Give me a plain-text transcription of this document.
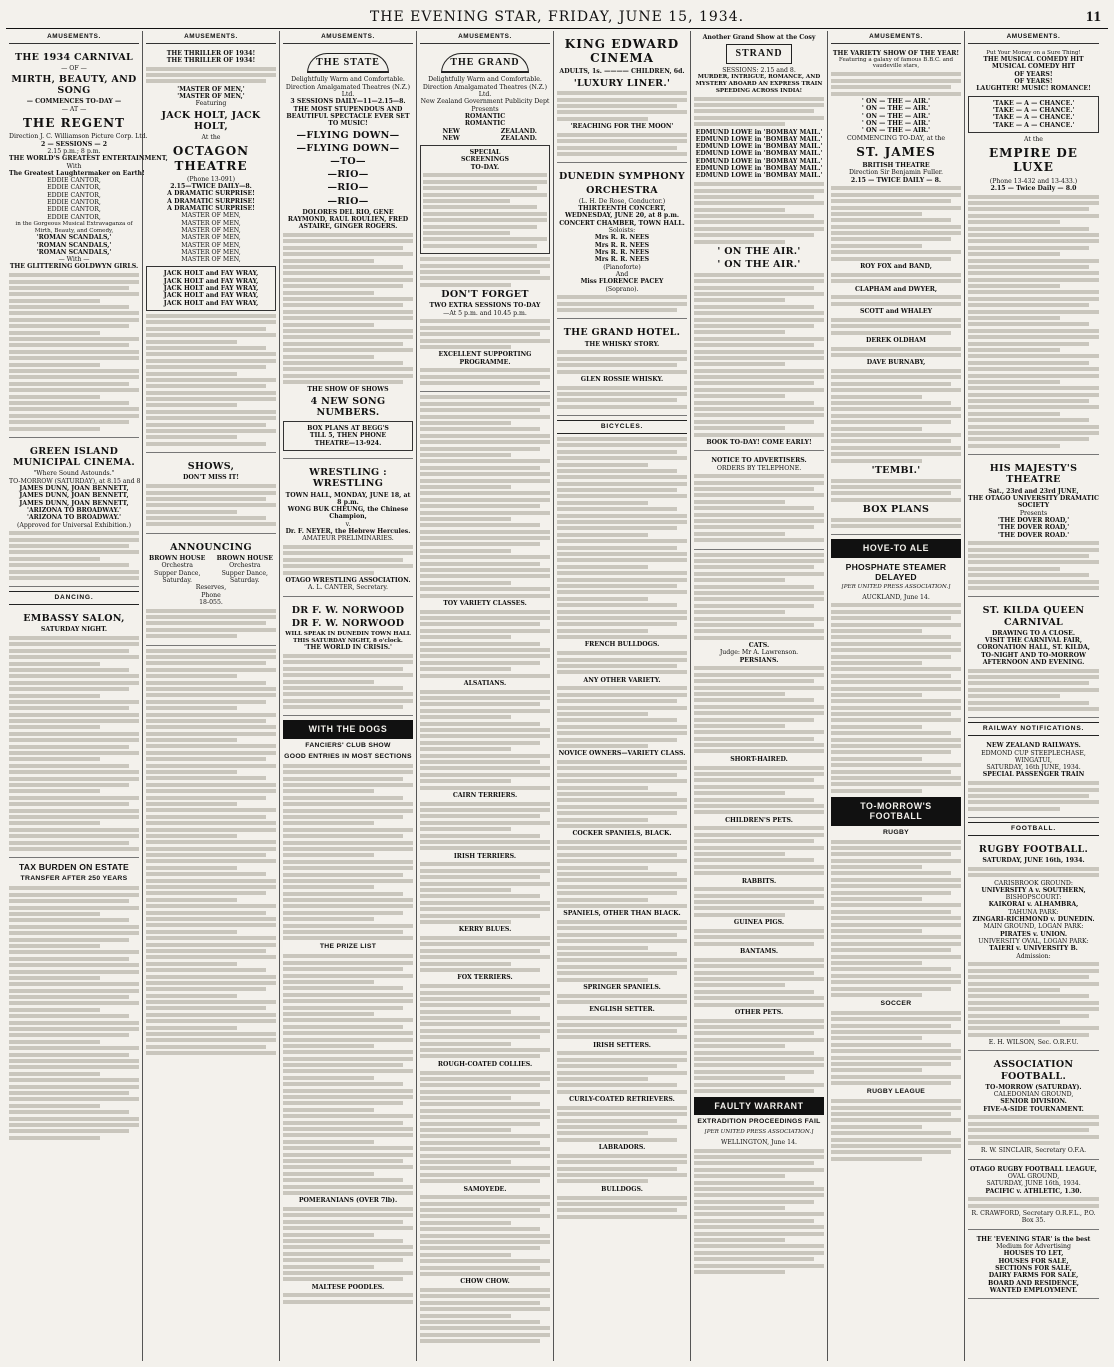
THE EVENING STAR, FRIDAY, JUNE 15, 1934.	11
AMUSEMENTS.
THE 1934 CARNIVAL
— OF —
MIRTH, BEAUTY, AND SONG
— COMMENCES TO-DAY —
— AT —
THE REGENT
Direction J. C. Williamson Picture Corp. Ltd.
2 — SESSIONS — 2
2.15 p.m.; 8 p.m.
THE WORLD'S GREATEST ENTERTAINMENT,
With
The Greatest Laughtermaker on Earth!
EDDIE CANTOR,
EDDIE CANTOR,
EDDIE CANTOR,
EDDIE CANTOR,
EDDIE CANTOR,
EDDIE CANTOR,
in the Gorgeous Musical Extravaganza of Mirth, Beauty, and Comedy,
'ROMAN SCANDALS,'
'ROMAN SCANDALS,'
'ROMAN SCANDALS,'
— With —
THE GLITTERING GOLDWYN GIRLS.
GREEN ISLAND MUNICIPAL CINEMA.
"Where Sound Astounds."
TO-MORROW (SATURDAY), at 8.15 and 8
JAMES DUNN, JOAN BENNETT,
JAMES DUNN, JOAN BENNETT,
JAMES DUNN, JOAN BENNETT,
'ARIZONA TO BROADWAY.'
'ARIZONA TO BROADWAY.'
(Approved for Universal Exhibition.)
DANCING.
EMBASSY SALON,
SATURDAY NIGHT.
TAX BURDEN ON ESTATE
TRANSFER AFTER 250 YEARS
AMUSEMENTS.
THE THRILLER OF 1934!
THE THRILLER OF 1934!
'MASTER OF MEN,'
'MASTER OF MEN,'
Featuring
JACK HOLT, JACK HOLT,
At the
OCTAGON THEATRE
(Phone 13-091)
2.15—TWICE DAILY—8.
A DRAMATIC SURPRISE!
A DRAMATIC SURPRISE!
A DRAMATIC SURPRISE!
MASTER OF MEN,
MASTER OF MEN,
MASTER OF MEN,
MASTER OF MEN,
MASTER OF MEN,
MASTER OF MEN,
MASTER OF MEN,
JACK HOLT and FAY WRAY,
JACK HOLT and FAY WRAY,
JACK HOLT and FAY WRAY,
JACK HOLT and FAY WRAY,
JACK HOLT and FAY WRAY,
SHOWS,
DON'T MISS IT!
ANNOUNCING
BROWN HOUSE
Orchestra
Supper Dance,
Saturday.
BROWN HOUSE
Orchestra
Supper Dance,
Saturday.
Reserves,
Phone
18-055.
AMUSEMENTS.
THE STATE
Delightfully Warm and Comfortable.
Direction Amalgamated Theatres (N.Z.) Ltd.
3 SESSIONS DAILY—11—2.15—8.
THE MOST STUPENDOUS AND BEAUTIFUL SPECTACLE EVER SET TO MUSIC!
—FLYING DOWN—
—FLYING DOWN—
—TO—
—RIO—
—RIO—
—RIO—
DOLORES DEL RIO, GENE RAYMOND, RAUL ROULIEN, FRED ASTAIRE, GINGER ROGERS.
THE SHOW OF SHOWS
4 NEW SONG NUMBERS.
BOX PLANS AT BEGG'S
TILL 5, THEN PHONE
THEATRE—13-924.
WRESTLING : WRESTLING
TOWN HALL, MONDAY, JUNE 18, at 8 p.m.
WONG BUK CHEUNG, the Chinese Champion,
v.
Dr. F. NEYER, the Hebrew Hercules.
AMATEUR PRELIMINARIES.
OTAGO WRESTLING ASSOCIATION.
A. L. CANTER, Secretary.
DR F. W. NORWOOD
DR F. W. NORWOOD
WILL SPEAK IN DUNEDIN TOWN HALL THIS SATURDAY NIGHT, 8 o'clock.
'THE WORLD IN CRISIS.'
WITH THE DOGS
FANCIERS' CLUB SHOW
GOOD ENTRIES IN MOST SECTIONS
THE PRIZE LIST
POMERANIANS (OVER 7lb).
MALTESE POODLES.
AMUSEMENTS.
THE GRAND
Delightfully Warm and Comfortable.
Direction Amalgamated Theatres (N.Z.) Ltd.
New Zealand Government Publicity Dept Presents
ROMANTIC
ROMANTIC
NEW	ZEALAND.
NEW	ZEALAND.
SPECIAL
SCREENINGS
TO-DAY.
DON'T FORGET
TWO EXTRA SESSIONS TO-DAY
—At 5 p.m. and 10.45 p.m.
EXCELLENT SUPPORTING PROGRAMME.
TOY VARIETY CLASSES.
ALSATIANS.
CAIRN TERRIERS.
IRISH TERRIERS.
KERRY BLUES.
FOX TERRIERS.
ROUGH-COATED COLLIES.
SAMOYEDE.
CHOW CHOW.
KING EDWARD CINEMA
ADULTS, 1s. ———— CHILDREN, 6d.
'LUXURY LINER.'
'REACHING FOR THE MOON'
DUNEDIN SYMPHONY
ORCHESTRA
(L. H. De Rose, Conductor.)
THIRTEENTH CONCERT,
WEDNESDAY, JUNE 20, at 8 p.m.
CONCERT CHAMBER, TOWN HALL.
Soloists:
Mrs R. R. NEES
Mrs R. R. NEES
Mrs R. R. NEES
Mrs R. R. NEES
(Pianoforte)
And
Miss FLORENCE PACEY
(Soprano).
THE GRAND HOTEL.
THE WHISKY STORY.
GLEN ROSSIE WHISKY.
BICYCLES.
FRENCH BULLDOGS.
ANY OTHER VARIETY.
NOVICE OWNERS—VARIETY CLASS.
COCKER SPANIELS, BLACK.
SPANIELS, OTHER THAN BLACK.
SPRINGER SPANIELS.
ENGLISH SETTER.
IRISH SETTERS.
CURLY-COATED RETRIEVERS.
LABRADORS.
BULLDOGS.
Another Grand Show at the Cosy
STRAND
SESSIONS: 2.15 and 8.
MURDER, INTRIGUE, ROMANCE, AND MYSTERY ABOARD AN EXPRESS TRAIN SPEEDING ACROSS INDIA!
EDMUND LOWE in 'BOMBAY MAIL.'
EDMUND LOWE in 'BOMBAY MAIL.'
EDMUND LOWE in 'BOMBAY MAIL.'
EDMUND LOWE in 'BOMBAY MAIL.'
EDMUND LOWE in 'BOMBAY MAIL.'
EDMUND LOWE in 'BOMBAY MAIL.'
EDMUND LOWE in 'BOMBAY MAIL.'
' ON THE AIR.'
' ON THE AIR.'
BOOK TO-DAY! COME EARLY!
NOTICE TO ADVERTISERS.
ORDERS BY TELEPHONE.
CATS.
Judge: Mr A. Lawrenson.
PERSIANS.
SHORT-HAIRED.
CHILDREN'S PETS.
RABBITS.
GUINEA PIGS.
BANTAMS.
OTHER PETS.
FAULTY WARRANT
EXTRADITION PROCEEDINGS FAIL
[PER UNITED PRESS ASSOCIATION.]
WELLINGTON, June 14.
AMUSEMENTS.
THE VARIETY SHOW OF THE YEAR!
Featuring a galaxy of famous B.B.C. and vaudeville stars,
' ON — THE — AIR.'
' ON — THE — AIR.'
' ON — THE — AIR.'
' ON — THE — AIR.'
' ON — THE — AIR.'
COMMENCING TO-DAY, at the
ST. JAMES
BRITISH THEATRE
Direction Sir Benjamin Fuller.
2.15 — TWICE DAILY — 8.
ROY FOX and BAND,
CLAPHAM and DWYER,
SCOTT and WHALEY
DEREK OLDHAM
DAVE BURNABY,
'TEMBI.'
BOX PLANS
HOVE-TO ALE
PHOSPHATE STEAMER DELAYED
[PER UNITED PRESS ASSOCIATION.]
AUCKLAND, June 14.
TO-MORROW'S FOOTBALL
RUGBY
SOCCER
RUGBY LEAGUE
AMUSEMENTS.
Put Your Money on a Sure Thing!
THE MUSICAL COMEDY HIT
MUSICAL COMEDY HIT
OF YEARS!
OF YEARS!
LAUGHTER! MUSIC! ROMANCE!
'TAKE — A — CHANCE.'
'TAKE — A — CHANCE.'
'TAKE — A — CHANCE.'
'TAKE — A — CHANCE.'
At the
EMPIRE DE LUXE
(Phone 13-432 and 13-433.)
2.15 — Twice Daily — 8.0
HIS MAJESTY'S THEATRE
Sat., 23rd and 23rd JUNE,
THE OTAGO UNIVERSITY DRAMATIC SOCIETY
Presents
'THE DOVER ROAD,'
'THE DOVER ROAD,'
'THE DOVER ROAD.'
ST. KILDA QUEEN CARNIVAL
DRAWING TO A CLOSE.
VISIT THE CARNIVAL FAIR,
CORONATION HALL, ST. KILDA,
TO-NIGHT AND TO-MORROW
AFTERNOON AND EVENING.
RAILWAY NOTIFICATIONS.
NEW ZEALAND RAILWAYS.
EDMOND CUP STEEPLECHASE,
WINGATUI,
SATURDAY, 16th JUNE, 1934.
SPECIAL PASSENGER TRAIN
FOOTBALL.
RUGBY FOOTBALL.
SATURDAY, JUNE 16th, 1934.
CARISBROOK GROUND:
UNIVERSITY A v. SOUTHERN,
BISHOPSCOURT:
KAIKORAI v. ALHAMBRA,
TAHUNA PARK:
ZINGARI-RICHMOND v. DUNEDIN.
MAIN GROUND, LOGAN PARK:
PIRATES v. UNION.
UNIVERSITY OVAL, LOGAN PARK:
TAIERI v. UNIVERSITY B.
Admission:
E. H. WILSON, Sec. O.R.F.U.
ASSOCIATION FOOTBALL.
TO-MORROW (SATURDAY).
CALEDONIAN GROUND,
SENIOR DIVISION.
FIVE-A-SIDE TOURNAMENT.
R. W. SINCLAIR, Secretary O.F.A.
OTAGO RUGBY FOOTBALL LEAGUE,
OVAL GROUND,
SATURDAY, JUNE 16th, 1934.
PACIFIC v. ATHLETIC, 1.30.
R. CRAWFORD, Secretary O.R.F.L., P.O. Box 35.
THE 'EVENING STAR' is the best
Medium for Advertising
HOUSES TO LET,
HOUSES FOR SALE,
SECTIONS FOR SALE,
DAIRY FARMS FOR SALE,
BOARD AND RESIDENCE,
WANTED EMPLOYMENT.
